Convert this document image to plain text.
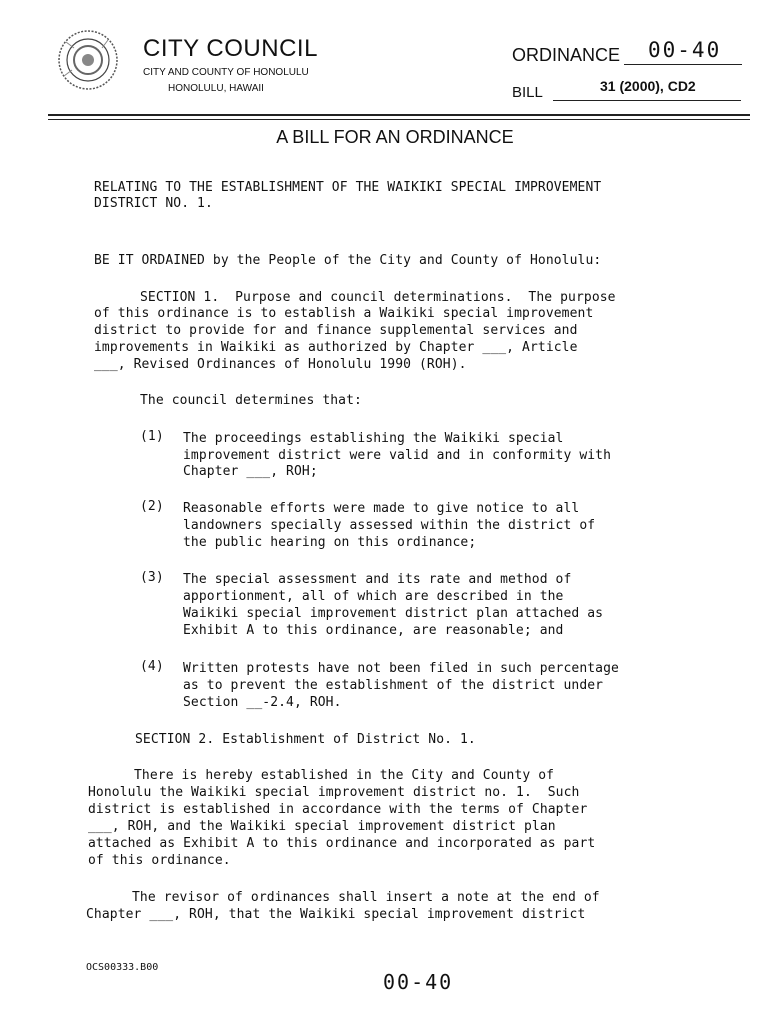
CITY COUNCIL
CITY AND COUNTY OF HONOLULU
HONOLULU, HAWAII
ORDINANCE 00-40
BILL	31 (2000), CD2
A BILL FOR AN ORDINANCE
RELATING TO THE ESTABLISHMENT OF THE WAIKIKI SPECIAL IMPROVEMENT
DISTRICT NO. 1.
BE IT ORDAINED by the People of the City and County of Honolulu:
SECTION 1.  Purpose and council determinations.  The purpose
of this ordinance is to establish a Waikiki special improvement
district to provide for and finance supplemental services and
improvements in Waikiki as authorized by Chapter ___, Article
___, Revised Ordinances of Honolulu 1990 (ROH).
The council determines that:
(1) The proceedings establishing the Waikiki special
improvement district were valid and in conformity with
Chapter ___, ROH;
(2) Reasonable efforts were made to give notice to all
landowners specially assessed within the district of
the public hearing on this ordinance;
(3) The special assessment and its rate and method of
apportionment, all of which are described in the
Waikiki special improvement district plan attached as
Exhibit A to this ordinance, are reasonable; and
(4) Written protests have not been filed in such percentage
as to prevent the establishment of the district under
Section __-2.4, ROH.
SECTION 2. Establishment of District No. 1.
There is hereby established in the City and County of
Honolulu the Waikiki special improvement district no. 1.  Such
district is established in accordance with the terms of Chapter
___, ROH, and the Waikiki special improvement district plan
attached as Exhibit A to this ordinance and incorporated as part
of this ordinance.
The revisor of ordinances shall insert a note at the end of
Chapter ___, ROH, that the Waikiki special improvement district
OCS00333.B00
00-40
